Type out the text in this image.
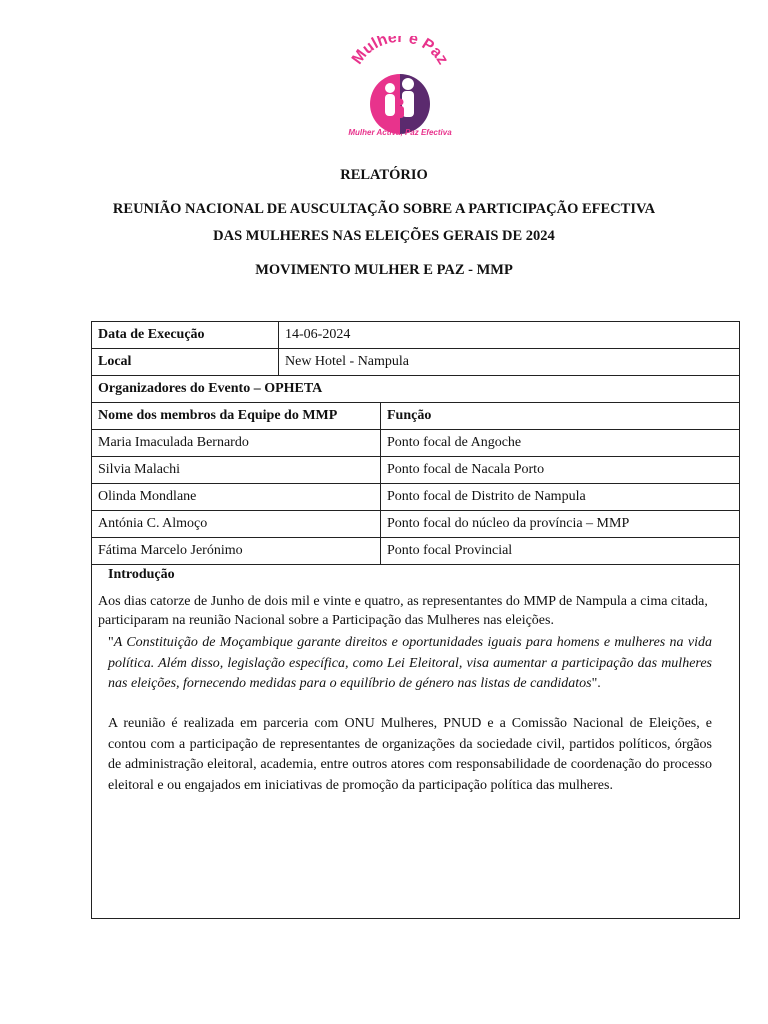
Mulher e Paz
Mulher Activa, Paz Efectiva
RELATÓRIO
REUNIÃO NACIONAL DE AUSCULTAÇÃO SOBRE A PARTICIPAÇÃO EFECTIVA
DAS MULHERES NAS ELEIÇÕES GERAIS DE 2024
MOVIMENTO MULHER E PAZ - MMP
Data de Execução	14-06-2024	
Local	New Hotel - Nampula	
Organizadores do Evento – OPHETA		
Nome dos membros da Equipe do MMP		Função
Maria Imaculada Bernardo		Ponto focal de Angoche
Silvia Malachi		Ponto focal de Nacala Porto
Olinda Mondlane		Ponto focal de Distrito de Nampula
Antónia C. Almoço		Ponto focal do núcleo da província – MMP
Fátima Marcelo Jerónimo		Ponto focal Provincial

Introdução
Aos dias catorze de Junho de dois mil e vinte e quatro, as representantes do MMP de Nampula a cima citada, participaram na reunião Nacional sobre a Participação das Mulheres nas eleições.
"A Constituição de Moçambique garante direitos e oportunidades iguais para homens e mulheres na vida política. Além disso, legislação específica, como Lei Eleitoral, visa aumentar a participação das mulheres nas eleições, fornecendo medidas para o equilíbrio de género nas listas de candidatos".
A reunião é realizada em parceria com ONU Mulheres, PNUD e a Comissão Nacional de Eleições, e contou com a participação de representantes de organizações da sociedade civil, partidos políticos, órgãos de administração eleitoral, academia, entre outros atores com responsabilidade de coordenação do processo eleitoral e ou engajados em iniciativas de promoção da participação política das mulheres.		
